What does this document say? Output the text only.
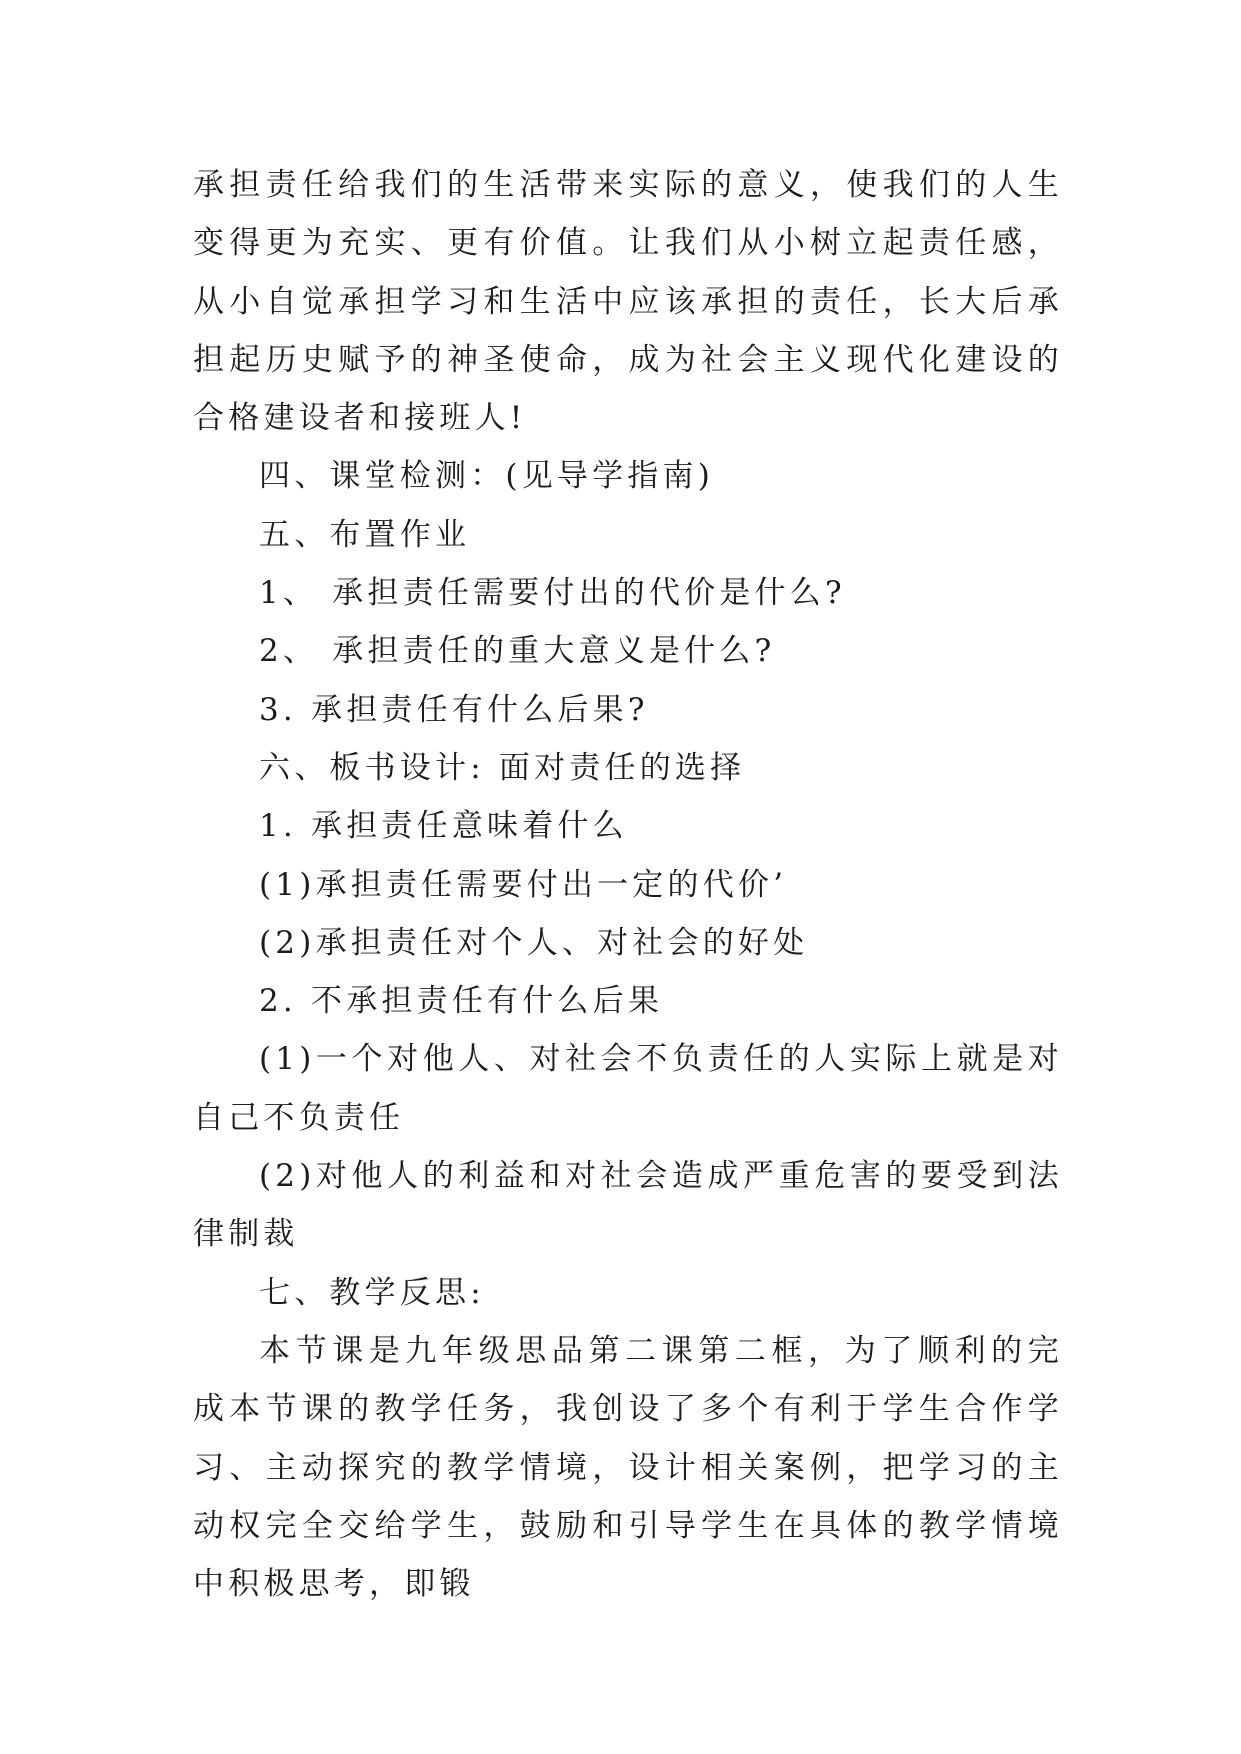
承担责任给我们的生活带来实际的意义，使我们的人生变得更为充实、更有价值。让我们从小树立起责任感，从小自觉承担学习和生活中应该承担的责任，长大后承担起历史赋予的神圣使命，成为社会主义现代化建设的合格建设者和接班人!

四、课堂检测：(见导学指南)

五、布置作业

1、 承担责任需要付出的代价是什么?

2、 承担责任的重大意义是什么?

3. 承担责任有什么后果?

六、板书设计: 面对责任的选择

1. 承担责任意味着什么

(1)承担责任需要付出一定的代价’

(2)承担责任对个人、对社会的好处

2. 不承担责任有什么后果

(1)一个对他人、对社会不负责任的人实际上就是对自己不负责任

(2)对他人的利益和对社会造成严重危害的要受到法律制裁

七、教学反思:

本节课是九年级思品第二课第二框，为了顺利的完成本节课的教学任务，我创设了多个有利于学生合作学习、主动探究的教学情境，设计相关案例，把学习的主动权完全交给学生，鼓励和引导学生在具体的教学情境中积极思考，即锻
